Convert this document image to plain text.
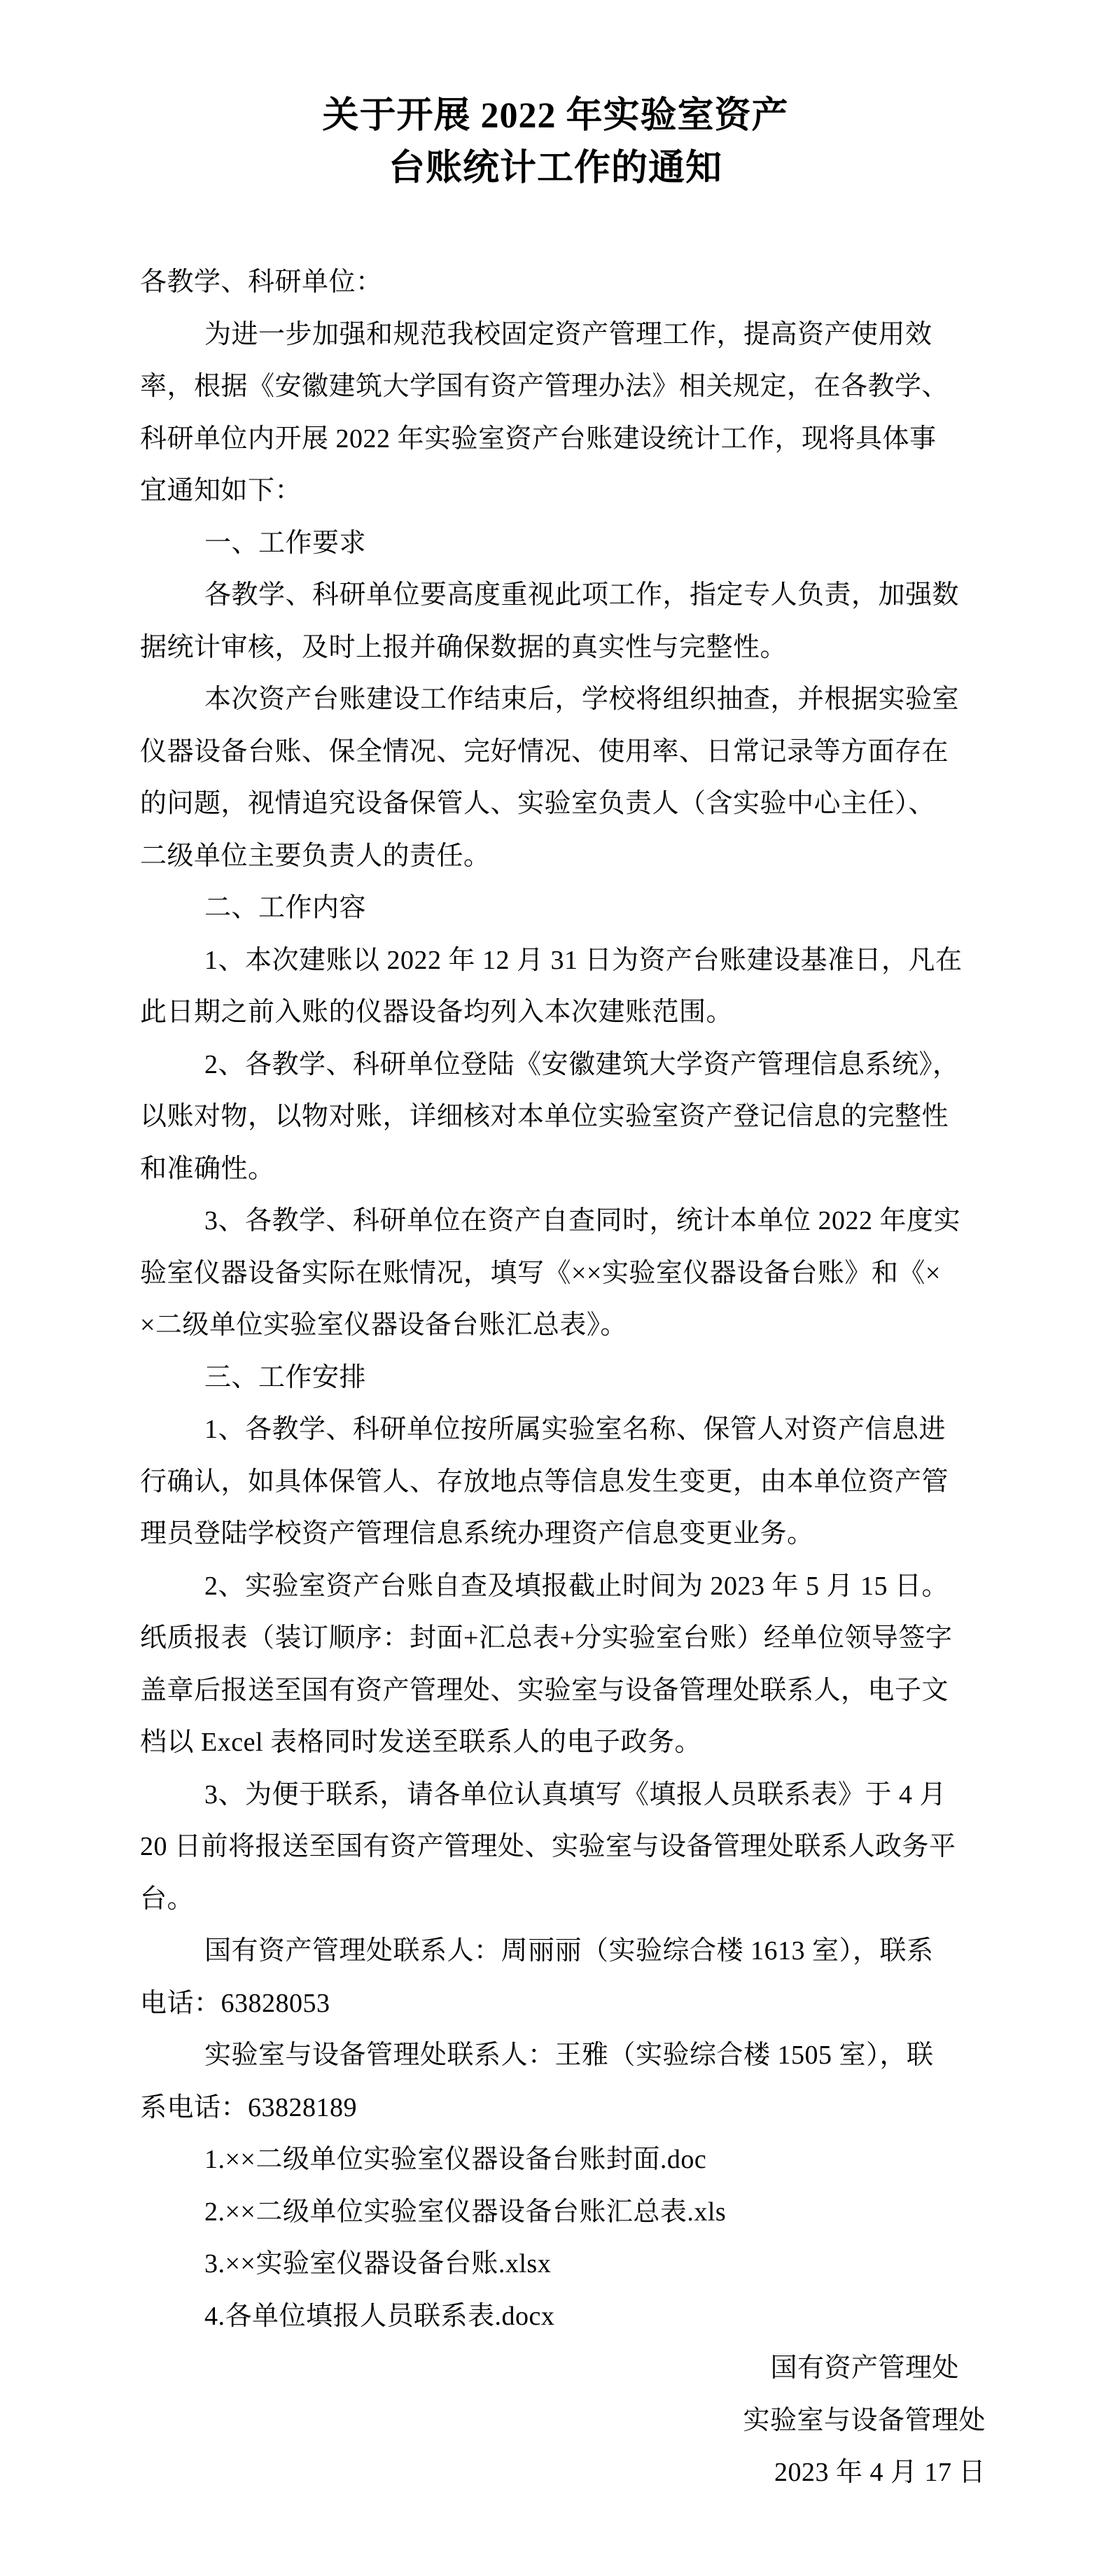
关于开展 2022 年实验室资产
台账统计工作的通知
各教学、科研单位：
为进一步加强和规范我校固定资产管理工作，提高资产使用效
率，根据《安徽建筑大学国有资产管理办法》相关规定，在各教学、
科研单位内开展 2022 年实验室资产台账建设统计工作，现将具体事
宜通知如下：
一、工作要求
各教学、科研单位要高度重视此项工作，指定专人负责，加强数
据统计审核，及时上报并确保数据的真实性与完整性。
本次资产台账建设工作结束后，学校将组织抽查，并根据实验室
仪器设备台账、保全情况、完好情况、使用率、日常记录等方面存在
的问题，视情追究设备保管人、实验室负责人（含实验中心主任）、
二级单位主要负责人的责任。
二、工作内容
1、本次建账以 2022 年 12 月 31 日为资产台账建设基准日，凡在
此日期之前入账的仪器设备均列入本次建账范围。
2、各教学、科研单位登陆《安徽建筑大学资产管理信息系统》，
以账对物，以物对账，详细核对本单位实验室资产登记信息的完整性
和准确性。
3、各教学、科研单位在资产自查同时，统计本单位 2022 年度实
验室仪器设备实际在账情况，填写《××实验室仪器设备台账》和《×
×二级单位实验室仪器设备台账汇总表》。
三、工作安排
1、各教学、科研单位按所属实验室名称、保管人对资产信息进
行确认，如具体保管人、存放地点等信息发生变更，由本单位资产管
理员登陆学校资产管理信息系统办理资产信息变更业务。
2、实验室资产台账自查及填报截止时间为 2023 年 5 月 15 日。
纸质报表（装订顺序：封面+汇总表+分实验室台账）经单位领导签字
盖章后报送至国有资产管理处、实验室与设备管理处联系人，电子文
档以 Excel 表格同时发送至联系人的电子政务。
3、为便于联系，请各单位认真填写《填报人员联系表》于 4 月
20 日前将报送至国有资产管理处、实验室与设备管理处联系人政务平
台。
国有资产管理处联系人：周丽丽（实验综合楼 1613 室），联系
电话：63828053
实验室与设备管理处联系人：王雅（实验综合楼 1505 室），联
系电话：63828189
1.××二级单位实验室仪器设备台账封面.doc
2.××二级单位实验室仪器设备台账汇总表.xls
3.××实验室仪器设备台账.xlsx
4.各单位填报人员联系表.docx
国有资产管理处
实验室与设备管理处
2023 年 4 月 17 日
